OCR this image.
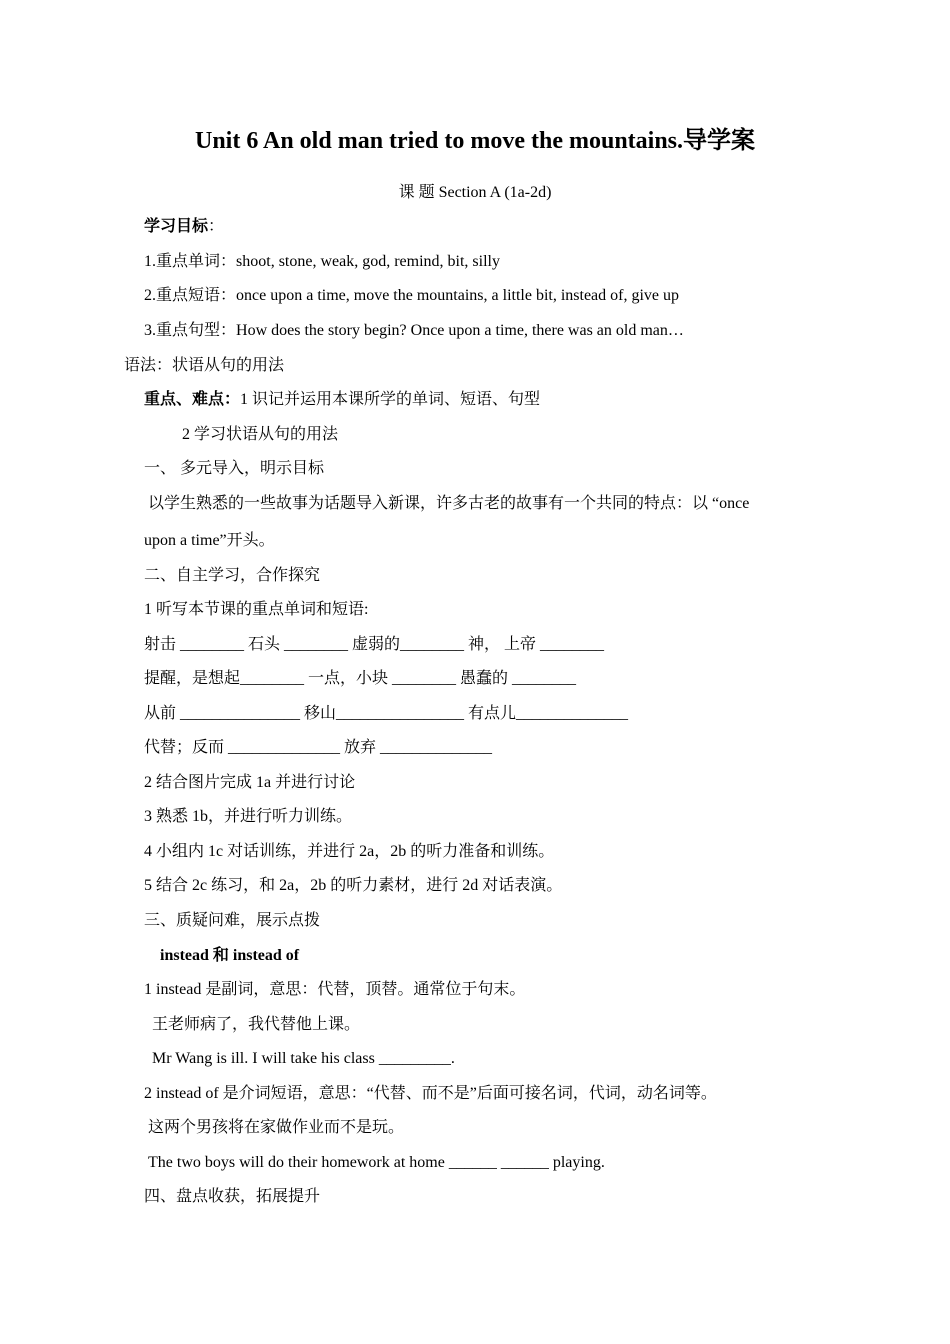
Unit 6 An old man tried to move the mountains.导学案
课 题 Section A (1a-2d)
学习目标：
1.重点单词：shoot, stone, weak, god, remind, bit, silly
2.重点短语：once upon a time, move the mountains, a little bit, instead of, give up
3.重点句型：How does the story begin? Once upon a time, there was an old man…
语法：状语从句的用法
重点、难点：1 识记并运用本课所学的单词、短语、句型
2 学习状语从句的用法
一、 多元导入，明示目标
以学生熟悉的一些故事为话题导入新课，许多古老的故事有一个共同的特点：以 “once
upon a time”开头。
二、自主学习，合作探究
1 听写本节课的重点单词和短语:
射击 ________ 石头 ________ 虚弱的________ 神， 上帝 ________
提醒，是想起________ 一点，小块 ________ 愚蠢的 ________
从前 _______________ 移山________________ 有点儿______________
代替；反而 ______________ 放弃 ______________
2 结合图片完成 1a 并进行讨论
3 熟悉 1b，并进行听力训练。
4 小组内 1c 对话训练，并进行 2a，2b 的听力准备和训练。
5 结合 2c 练习，和 2a，2b 的听力素材，进行 2d 对话表演。
三、质疑问难，展示点拨
instead 和 instead of
1 instead 是副词，意思：代替，顶替。通常位于句末。
王老师病了，我代替他上课。
Mr Wang is ill. I will take his class _________.
2 instead of 是介词短语，意思：“代替、而不是”后面可接名词，代词，动名词等。
这两个男孩将在家做作业而不是玩。
The two boys will do their homework at home ______ ______ playing.
四、盘点收获，拓展提升
